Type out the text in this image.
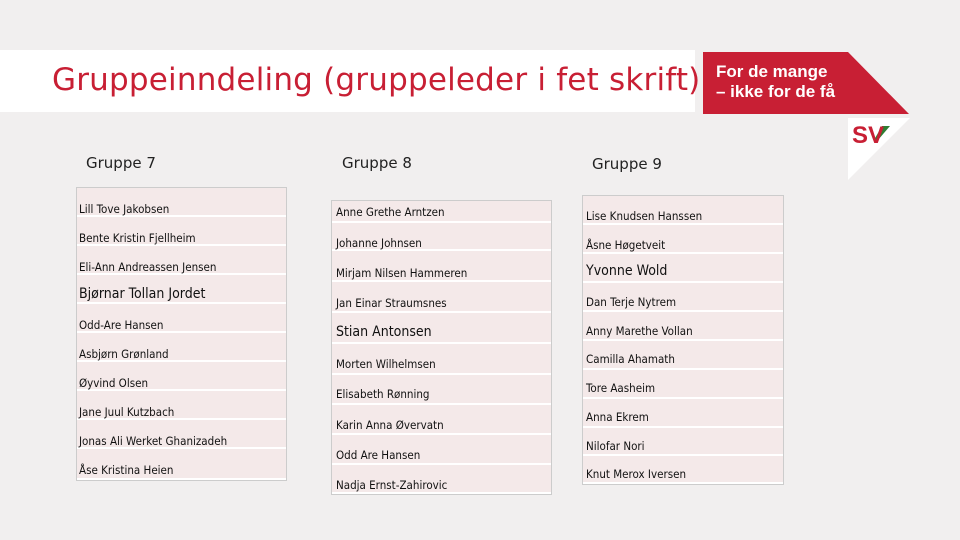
Gruppeinndeling (gruppeleder i fet skrift) For de mange
– ikke for de få
SV
Gruppe 7	Gruppe 8	Gruppe 9
Lill Tove Jakobsen
Bente Kristin Fjellheim
Eli-Ann Andreassen Jensen
Bjørnar Tollan Jordet
Odd-Are Hansen
Asbjørn Grønland
Øyvind Olsen
Jane Juul Kutzbach
Jonas Ali Werket Ghanizadeh
Åse Kristina Heien
Anne Grethe Arntzen
Johanne Johnsen
Mirjam Nilsen Hammeren
Jan Einar Straumsnes
Stian Antonsen
Morten Wilhelmsen
Elisabeth Rønning
Karin Anna Øvervatn
Odd Are Hansen
Nadja Ernst-Zahirovic
Lise Knudsen Hanssen
Åsne Høgetveit
Yvonne Wold
Dan Terje Nytrem
Anny Marethe Vollan
Camilla Ahamath
Tore Aasheim
Anna Ekrem
Nilofar Nori
Knut Merox Iversen
